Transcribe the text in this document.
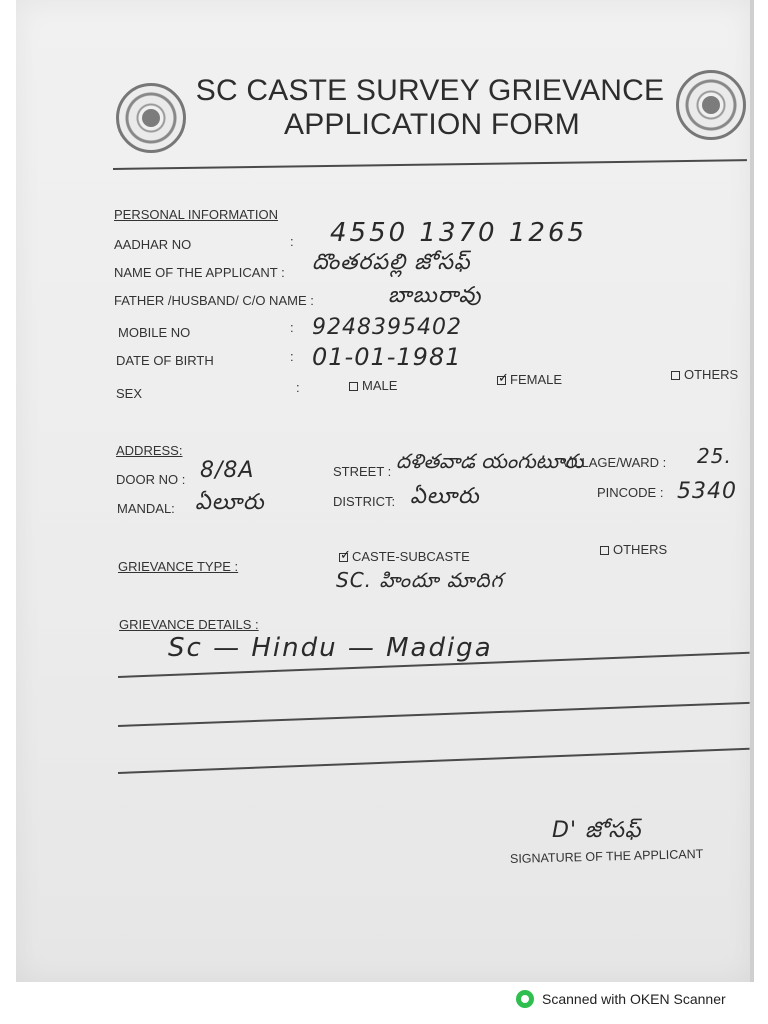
SC CASTE SURVEY GRIEVANCE
APPLICATION FORM
PERSONAL INFORMATION
AADHAR NO	: 4550 1370 1265
NAME OF THE APPLICANT : దొంతరపల్లి జోసఫ్
FATHER /HUSBAND/ C/O NAME :	బాబురావు
MOBILE NO	: 9248395402
DATE OF BIRTH	: 01-01-1981
SEX	:	MALE
✓	FEMALE	OTHERS
ADDRESS:
DOOR NO : 8/8A	STREET : దళితవాడ యంగుటూరు
VILLAGE/WARD : 25.
MANDAL: ఏలూరు	DISTRICT: ఏలూరు	PINCODE : 5340
GRIEVANCE TYPE :
✓CASTE-SUBCASTE	OTHERS
SC. హిందూ మాదిగ
GRIEVANCE DETAILS :
Sc — Hindu — Madiga
D' జోసఫ్
SIGNATURE OF THE APPLICANT
Scanned with OKEN Scanner
